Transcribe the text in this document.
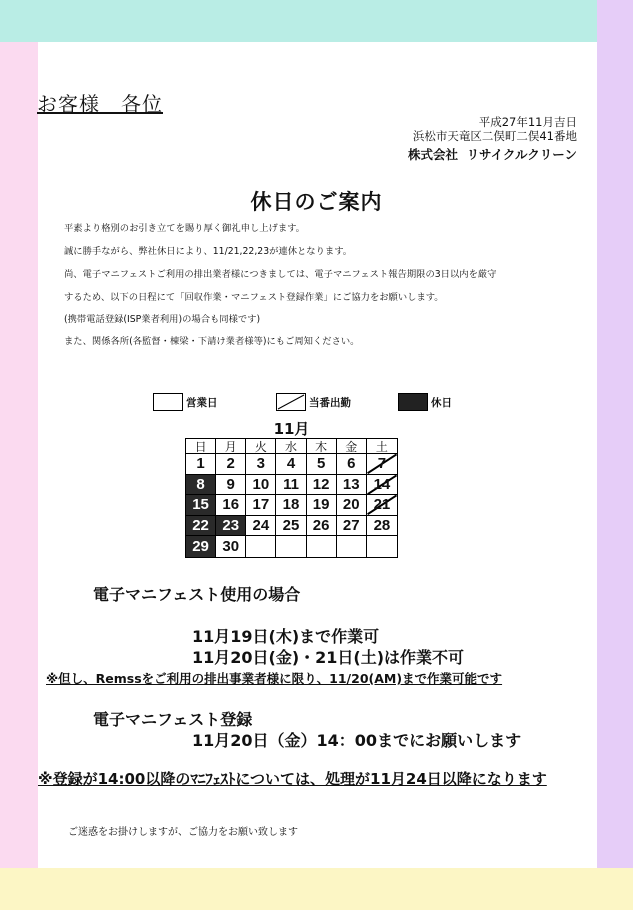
お客様　各位
平成27年11月吉日
浜松市天竜区二俣町二俣41番地
株式会社  リサイクルクリーン
休日のご案内
平素より格別のお引き立てを賜り厚く御礼申し上げます。
誠に勝手ながら、弊社休日により、11/21,22,23が連休となります。
尚、電子マニフェストご利用の排出業者様につきましては、電子マニフェスト報告期限の3日以内を厳守
するため、以下の日程にて「回収作業・マニフェスト登録作業」にご協力をお願いします。
(携帯電話登録(ISP業者利用)の場合も同様です)
また、関係各所(各監督・棟梁・下請け業者様等)にもご周知ください。
営業日	当番出勤	休日
11月
日	月	火	水	木	金	土
1 2 3 4 5 6 7
8 9 10 11 12 13 14
15 16 17 18 19 20 21
22 23 24 25 26 27 28
29 30
電子マニフェスト使用の場合
11月19日(木)まで作業可
11月20日(金)・21日(土)は作業不可
※但し、Remssをご利用の排出事業者様に限り、11/20(AM)まで作業可能です
電子マニフェスト登録
11月20日（金）14：00までにお願いします
※登録が14:00以降のﾏﾆﾌｪｽﾄについては、処理が11月24日以降になります
ご迷惑をお掛けしますが、ご協力をお願い致します
